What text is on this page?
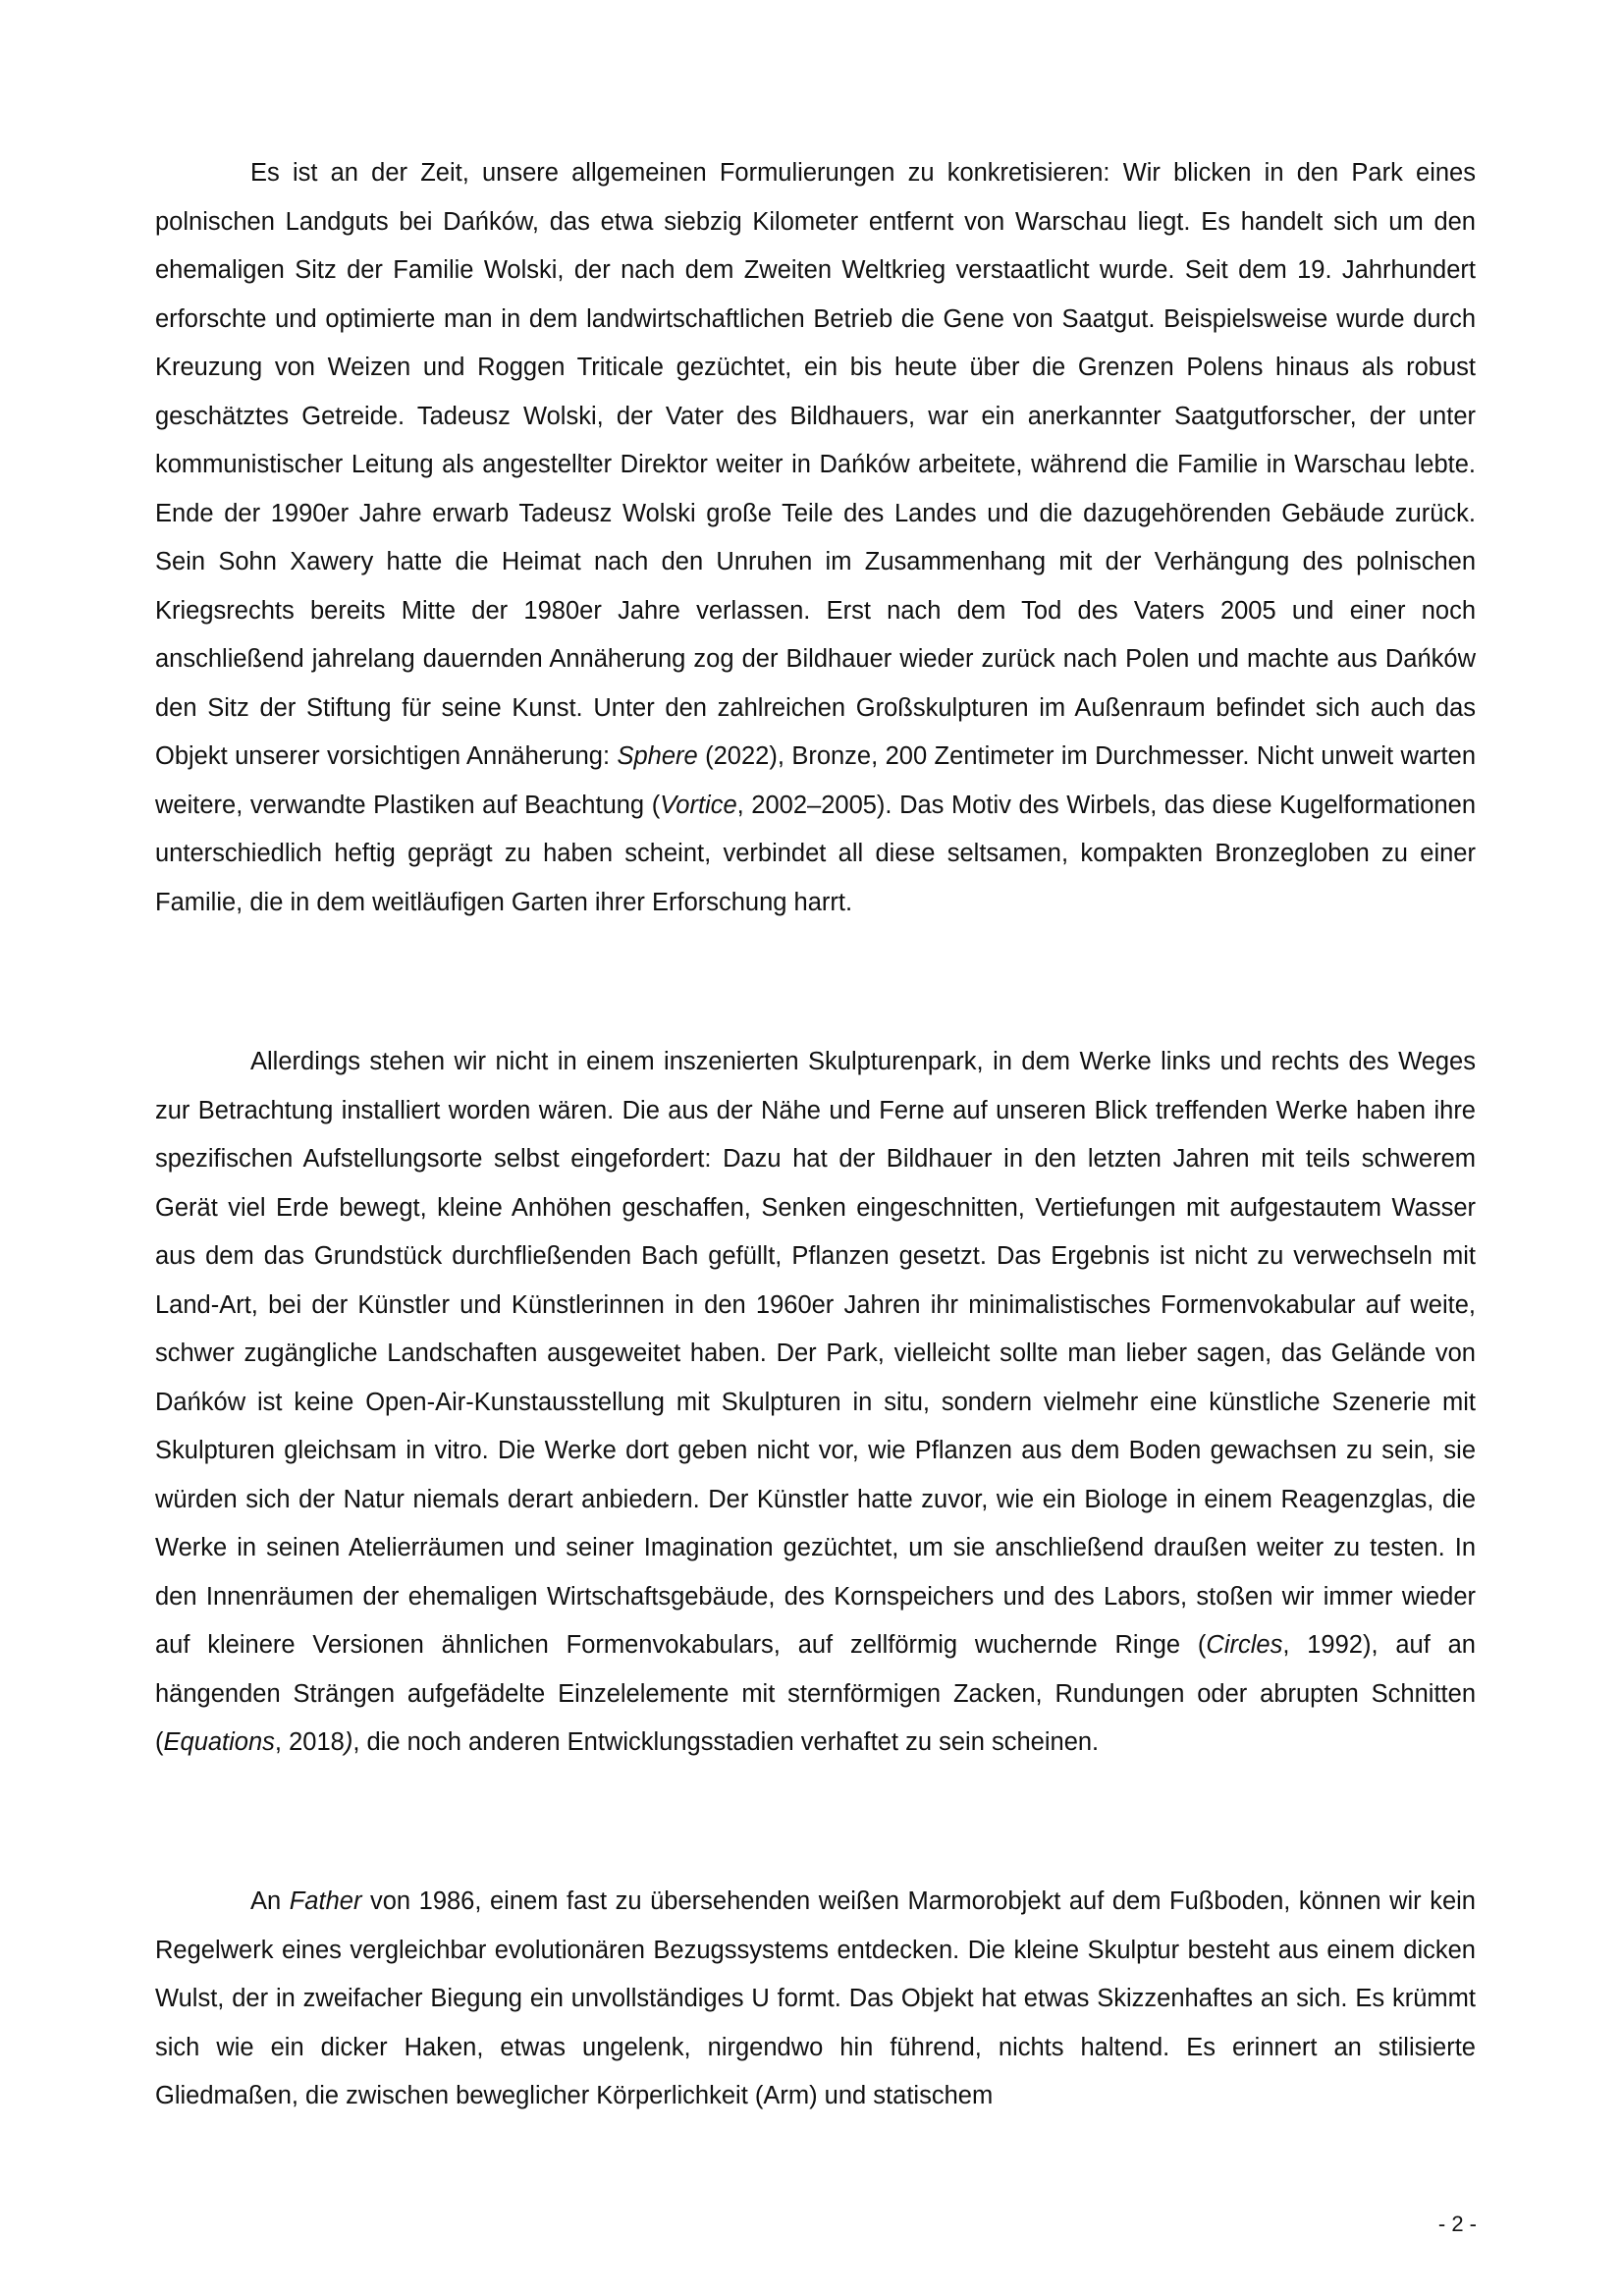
Es ist an der Zeit, unsere allgemeinen Formulierungen zu konkretisieren: Wir blicken in den Park eines polnischen Landguts bei Dańków, das etwa siebzig Kilometer entfernt von Warschau liegt. Es handelt sich um den ehemaligen Sitz der Familie Wolski, der nach dem Zweiten Weltkrieg verstaatlicht wurde. Seit dem 19. Jahrhundert erforschte und optimierte man in dem landwirtschaftlichen Betrieb die Gene von Saatgut. Beispielsweise wurde durch Kreuzung von Weizen und Roggen Triticale gezüchtet, ein bis heute über die Grenzen Polens hinaus als robust geschätztes Getreide. Tadeusz Wolski, der Vater des Bildhauers, war ein anerkannter Saatgutforscher, der unter kommunistischer Leitung als angestellter Direktor weiter in Dańków arbeitete, während die Familie in Warschau lebte. Ende der 1990er Jahre erwarb Tadeusz Wolski große Teile des Landes und die dazugehörenden Gebäude zurück. Sein Sohn Xawery hatte die Heimat nach den Unruhen im Zusammenhang mit der Verhängung des polnischen Kriegsrechts bereits Mitte der 1980er Jahre verlassen. Erst nach dem Tod des Vaters 2005 und einer noch anschließend jahrelang dauernden Annäherung zog der Bildhauer wieder zurück nach Polen und machte aus Dańków den Sitz der Stiftung für seine Kunst. Unter den zahlreichen Großskulpturen im Außenraum befindet sich auch das Objekt unserer vorsichtigen Annäherung: Sphere (2022), Bronze, 200 Zentimeter im Durchmesser. Nicht unweit warten weitere, verwandte Plastiken auf Beachtung (Vortice, 2002–2005). Das Motiv des Wirbels, das diese Kugelformationen unterschiedlich heftig geprägt zu haben scheint, verbindet all diese seltsamen, kompakten Bronzegloben zu einer Familie, die in dem weitläufigen Garten ihrer Erforschung harrt.

Allerdings stehen wir nicht in einem inszenierten Skulpturenpark, in dem Werke links und rechts des Weges zur Betrachtung installiert worden wären. Die aus der Nähe und Ferne auf unseren Blick treffenden Werke haben ihre spezifischen Aufstellungsorte selbst eingefordert: Dazu hat der Bildhauer in den letzten Jahren mit teils schwerem Gerät viel Erde bewegt, kleine Anhöhen geschaffen, Senken eingeschnitten, Vertiefungen mit aufgestautem Wasser aus dem das Grundstück durchfließenden Bach gefüllt, Pflanzen gesetzt. Das Ergebnis ist nicht zu verwechseln mit Land-Art, bei der Künstler und Künstlerinnen in den 1960er Jahren ihr minimalistisches Formenvokabular auf weite, schwer zugängliche Landschaften ausgeweitet haben. Der Park, vielleicht sollte man lieber sagen, das Gelände von Dańków ist keine Open-Air-Kunstausstellung mit Skulpturen in situ, sondern vielmehr eine künstliche Szenerie mit Skulpturen gleichsam in vitro. Die Werke dort geben nicht vor, wie Pflanzen aus dem Boden gewachsen zu sein, sie würden sich der Natur niemals derart anbiedern. Der Künstler hatte zuvor, wie ein Biologe in einem Reagenzglas, die Werke in seinen Atelierräumen und seiner Imagination gezüchtet, um sie anschließend draußen weiter zu testen. In den Innenräumen der ehemaligen Wirtschaftsgebäude, des Kornspeichers und des Labors, stoßen wir immer wieder auf kleinere Versionen ähnlichen Formenvokabulars, auf zellförmig wuchernde Ringe (Circles, 1992), auf an hängenden Strängen aufgefädelte Einzelelemente mit sternförmigen Zacken, Rundungen oder abrupten Schnitten (Equations, 2018), die noch anderen Entwicklungsstadien verhaftet zu sein scheinen.

An Father von 1986, einem fast zu übersehenden weißen Marmorobjekt auf dem Fußboden, können wir kein Regelwerk eines vergleichbar evolutionären Bezugssystems entdecken. Die kleine Skulptur besteht aus einem dicken Wulst, der in zweifacher Biegung ein unvollständiges U formt. Das Objekt hat etwas Skizzenhaftes an sich. Es krümmt sich wie ein dicker Haken, etwas ungelenk, nirgendwo hin führend, nichts haltend. Es erinnert an stilisierte Gliedmaßen, die zwischen beweglicher Körperlichkeit (Arm) und statischem

- 2 -
